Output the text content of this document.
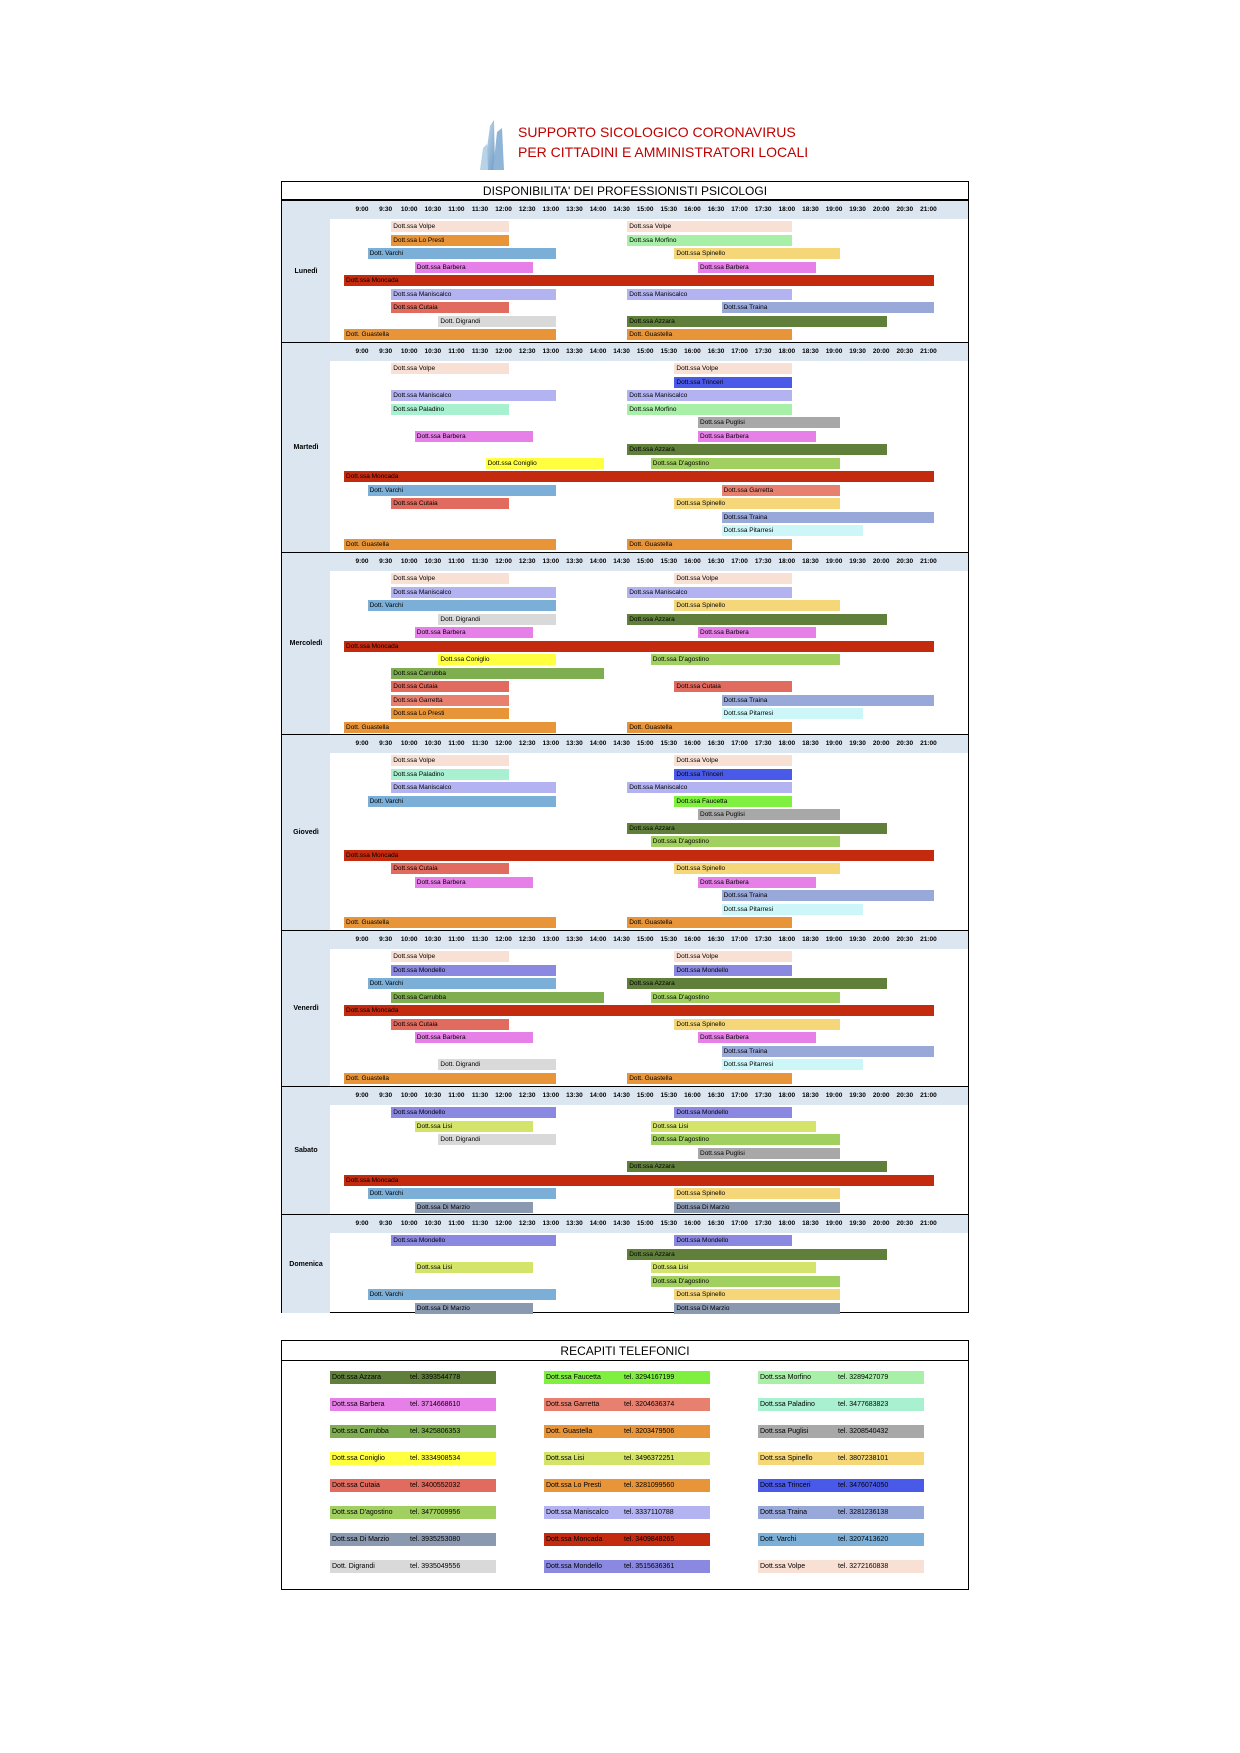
SUPPORTO SICOLOGICO CORONAVIRUS
PER CITTADINI E AMMINISTRATORI LOCALI
DISPONIBILITA' DEI PROFESSIONISTI PSICOLOGI
Lunedì
9:00 9:30 10:00 10:30 11:00 11:30 12:00 12:30 13:00 13:30 14:00 14:30 15:00 15:30 16:00 16:30 17:00 17:30 18:00 18:30 19:00 19:30 20:00 20:30 21:00
Dott.ssa Volpe	Dott.ssa Volpe
Dott.ssa Lo Presti	Dott.ssa Morfino
Dott. Varchi	Dott.ssa Spinello
Dott.ssa Barbera	Dott.ssa Barbera
Dott.ssa Moncada
Dott.ssa Maniscalco	Dott.ssa Maniscalco
Dott.ssa Cutaia	Dott.ssa Traina
Dott. Digrandi	Dott.ssa Azzara
Dott. Guastella	Dott. Guastella
Martedì
9:00 9:30 10:00 10:30 11:00 11:30 12:00 12:30 13:00 13:30 14:00 14:30 15:00 15:30 16:00 16:30 17:00 17:30 18:00 18:30 19:00 19:30 20:00 20:30 21:00
Dott.ssa Volpe	Dott.ssa Volpe
Dott.ssa Trinceri
Dott.ssa Maniscalco	Dott.ssa Maniscalco
Dott.ssa Paladino	Dott.ssa Morfino
Dott.ssa Puglisi
Dott.ssa Barbera	Dott.ssa Barbera
Dott.ssa Azzara
Dott.ssa Coniglio	Dott.ssa D'agostino
Dott.ssa Moncada
Dott. Varchi	Dott.ssa Garretta
Dott.ssa Cutaia	Dott.ssa Spinello
Dott.ssa Traina
Dott.ssa Pitarresi
Dott. Guastella	Dott. Guastella
Mercoledì
9:00 9:30 10:00 10:30 11:00 11:30 12:00 12:30 13:00 13:30 14:00 14:30 15:00 15:30 16:00 16:30 17:00 17:30 18:00 18:30 19:00 19:30 20:00 20:30 21:00
Dott.ssa Volpe	Dott.ssa Volpe
Dott.ssa Maniscalco	Dott.ssa Maniscalco
Dott. Varchi	Dott.ssa Spinello
Dott. Digrandi	Dott.ssa Azzara
Dott.ssa Barbera	Dott.ssa Barbera
Dott.ssa Moncada
Dott.ssa Coniglio	Dott.ssa D'agostino
Dott.ssa Carrubba
Dott.ssa Cutaia	Dott.ssa Cutaia
Dott.ssa Garretta	Dott.ssa Traina
Dott.ssa Lo Presti	Dott.ssa Pitarresi
Dott. Guastella	Dott. Guastella
Giovedì
9:00 9:30 10:00 10:30 11:00 11:30 12:00 12:30 13:00 13:30 14:00 14:30 15:00 15:30 16:00 16:30 17:00 17:30 18:00 18:30 19:00 19:30 20:00 20:30 21:00
Dott.ssa Volpe	Dott.ssa Volpe
Dott.ssa Paladino	Dott.ssa Trinceri
Dott.ssa Maniscalco	Dott.ssa Maniscalco
Dott. Varchi	Dott.ssa Faucetta
Dott.ssa Puglisi
Dott.ssa Azzara
Dott.ssa D'agostino
Dott.ssa Moncada
Dott.ssa Cutaia	Dott.ssa Spinello
Dott.ssa Barbera	Dott.ssa Barbera
Dott.ssa Traina
Dott.ssa Pitarresi
Dott. Guastella	Dott. Guastella
Venerdì
9:00 9:30 10:00 10:30 11:00 11:30 12:00 12:30 13:00 13:30 14:00 14:30 15:00 15:30 16:00 16:30 17:00 17:30 18:00 18:30 19:00 19:30 20:00 20:30 21:00
Dott.ssa Volpe	Dott.ssa Volpe
Dott.ssa Mondello	Dott.ssa Mondello
Dott. Varchi	Dott.ssa Azzara
Dott.ssa Carrubba	Dott.ssa D'agostino
Dott.ssa Moncada
Dott.ssa Cutaia	Dott.ssa Spinello
Dott.ssa Barbera	Dott.ssa Barbera
Dott.ssa Traina
Dott. Digrandi	Dott.ssa Pitarresi
Dott. Guastella	Dott. Guastella
Sabato
9:00 9:30 10:00 10:30 11:00 11:30 12:00 12:30 13:00 13:30 14:00 14:30 15:00 15:30 16:00 16:30 17:00 17:30 18:00 18:30 19:00 19:30 20:00 20:30 21:00
Dott.ssa Mondello	Dott.ssa Mondello
Dott.ssa Lisi	Dott.ssa Lisi
Dott. Digrandi	Dott.ssa D'agostino
Dott.ssa Puglisi
Dott.ssa Azzara
Dott.ssa Moncada
Dott. Varchi	Dott.ssa Spinello
Dott.ssa Di Marzio	Dott.ssa Di Marzio
Domenica
9:00 9:30 10:00 10:30 11:00 11:30 12:00 12:30 13:00 13:30 14:00 14:30 15:00 15:30 16:00 16:30 17:00 17:30 18:00 18:30 19:00 19:30 20:00 20:30 21:00
Dott.ssa Mondello	Dott.ssa Mondello
Dott.ssa Azzara
Dott.ssa Lisi	Dott.ssa Lisi
Dott.ssa D'agostino
Dott. Varchi	Dott.ssa Spinello
Dott.ssa Di Marzio	Dott.ssa Di Marzio
RECAPITI TELEFONICI
Dott.ssa Azzara	tel. 3393544778
Dott.ssa Barbera	tel. 3714668610
Dott.ssa Carrubba	tel. 3425806353
Dott.ssa Coniglio	tel. 3334908534
Dott.ssa Cutaia	tel. 3400552032
Dott.ssa D'agostino	tel. 3477009956
Dott.ssa Di Marzio	tel. 3935253080
Dott. Digrandi	tel. 3935049556
Dott.ssa Faucetta	tel. 3294167199
Dott.ssa Garretta	tel. 3204636374
Dott. Guastella	tel. 3203479506
Dott.ssa Lisi	tel. 3496372251
Dott.ssa Lo Presti	tel. 3281099560
Dott.ssa Maniscalco tel. 3337110788
Dott.ssa Moncada	tel. 3409848265
Dott.ssa Mondello	tel. 3515636361
Dott.ssa Morfino	tel. 3289427079
Dott.ssa Paladino	tel. 3477683823
Dott.ssa Puglisi	tel. 3208540432
Dott.ssa Spinello	tel. 3807238101
Dott.ssa Trinceri	tel. 3476074050
Dott.ssa Traina	tel. 3281236138
Dott. Varchi	tel. 3207413620
Dott.ssa Volpe	tel. 3272160838
